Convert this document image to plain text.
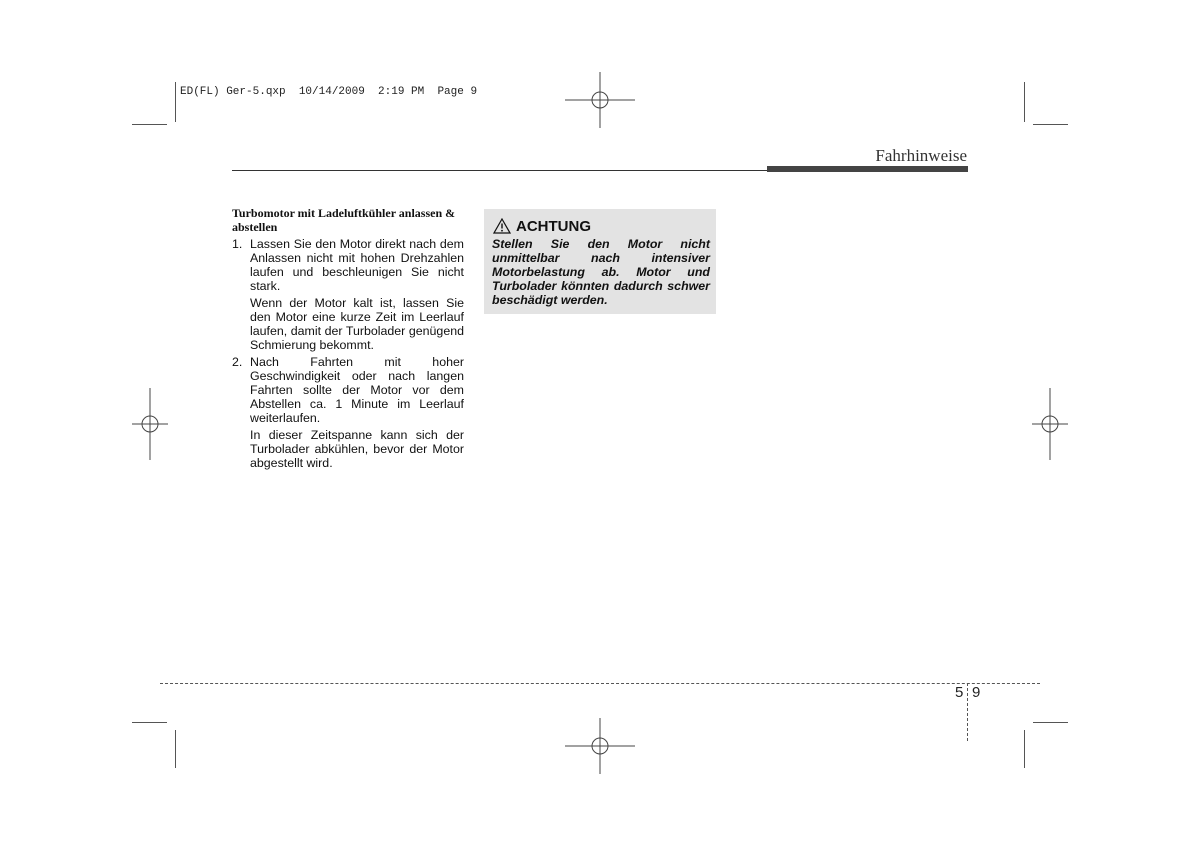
ED(FL) Ger-5.qxp  10/14/2009  2:19 PM  Page 9
Fahrhinweise
Turbomotor mit Ladeluftkühler anlassen & abstellen
1. Lassen Sie den Motor direkt nach dem Anlassen nicht mit hohen Drehzahlen laufen und beschleunigen Sie nicht stark.

Wenn der Motor kalt ist, lassen Sie den Motor eine kurze Zeit im Leerlauf laufen, damit der Turbolader genügend Schmierung bekommt.

2. Nach Fahrten mit hoher Geschwindigkeit oder nach langen Fahrten sollte der Motor vor dem Abstellen ca. 1 Minute im Leerlauf weiterlaufen.

In dieser Zeitspanne kann sich der Turbolader abkühlen, bevor der Motor abgestellt wird.

ACHTUNG
Stellen Sie den Motor nicht unmittelbar nach intensiver Motorbelastung ab. Motor und Turbolader könnten dadurch schwer beschädigt werden.
5 9
